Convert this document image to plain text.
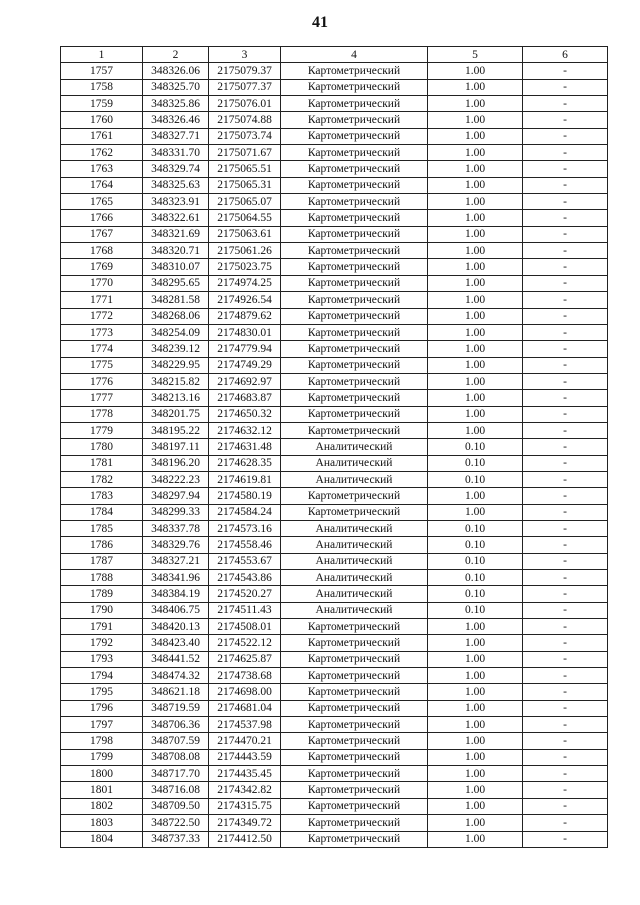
41
1	2	3	4	5	6
1757	348326.06	2175079.37	Картометрический	1.00	-
1758	348325.70	2175077.37	Картометрический	1.00	-
1759	348325.86	2175076.01	Картометрический	1.00	-
1760	348326.46	2175074.88	Картометрический	1.00	-
1761	348327.71	2175073.74	Картометрический	1.00	-
1762	348331.70	2175071.67	Картометрический	1.00	-
1763	348329.74	2175065.51	Картометрический	1.00	-
1764	348325.63	2175065.31	Картометрический	1.00	-
1765	348323.91	2175065.07	Картометрический	1.00	-
1766	348322.61	2175064.55	Картометрический	1.00	-
1767	348321.69	2175063.61	Картометрический	1.00	-
1768	348320.71	2175061.26	Картометрический	1.00	-
1769	348310.07	2175023.75	Картометрический	1.00	-
1770	348295.65	2174974.25	Картометрический	1.00	-
1771	348281.58	2174926.54	Картометрический	1.00	-
1772	348268.06	2174879.62	Картометрический	1.00	-
1773	348254.09	2174830.01	Картометрический	1.00	-
1774	348239.12	2174779.94	Картометрический	1.00	-
1775	348229.95	2174749.29	Картометрический	1.00	-
1776	348215.82	2174692.97	Картометрический	1.00	-
1777	348213.16	2174683.87	Картометрический	1.00	-
1778	348201.75	2174650.32	Картометрический	1.00	-
1779	348195.22	2174632.12	Картометрический	1.00	-
1780	348197.11	2174631.48	Аналитический	0.10	-
1781	348196.20	2174628.35	Аналитический	0.10	-
1782	348222.23	2174619.81	Аналитический	0.10	-
1783	348297.94	2174580.19	Картометрический	1.00	-
1784	348299.33	2174584.24	Картометрический	1.00	-
1785	348337.78	2174573.16	Аналитический	0.10	-
1786	348329.76	2174558.46	Аналитический	0.10	-
1787	348327.21	2174553.67	Аналитический	0.10	-
1788	348341.96	2174543.86	Аналитический	0.10	-
1789	348384.19	2174520.27	Аналитический	0.10	-
1790	348406.75	2174511.43	Аналитический	0.10	-
1791	348420.13	2174508.01	Картометрический	1.00	-
1792	348423.40	2174522.12	Картометрический	1.00	-
1793	348441.52	2174625.87	Картометрический	1.00	-
1794	348474.32	2174738.68	Картометрический	1.00	-
1795	348621.18	2174698.00	Картометрический	1.00	-
1796	348719.59	2174681.04	Картометрический	1.00	-
1797	348706.36	2174537.98	Картометрический	1.00	-
1798	348707.59	2174470.21	Картометрический	1.00	-
1799	348708.08	2174443.59	Картометрический	1.00	-
1800	348717.70	2174435.45	Картометрический	1.00	-
1801	348716.08	2174342.82	Картометрический	1.00	-
1802	348709.50	2174315.75	Картометрический	1.00	-
1803	348722.50	2174349.72	Картометрический	1.00	-
1804	348737.33	2174412.50	Картометрический	1.00	-
